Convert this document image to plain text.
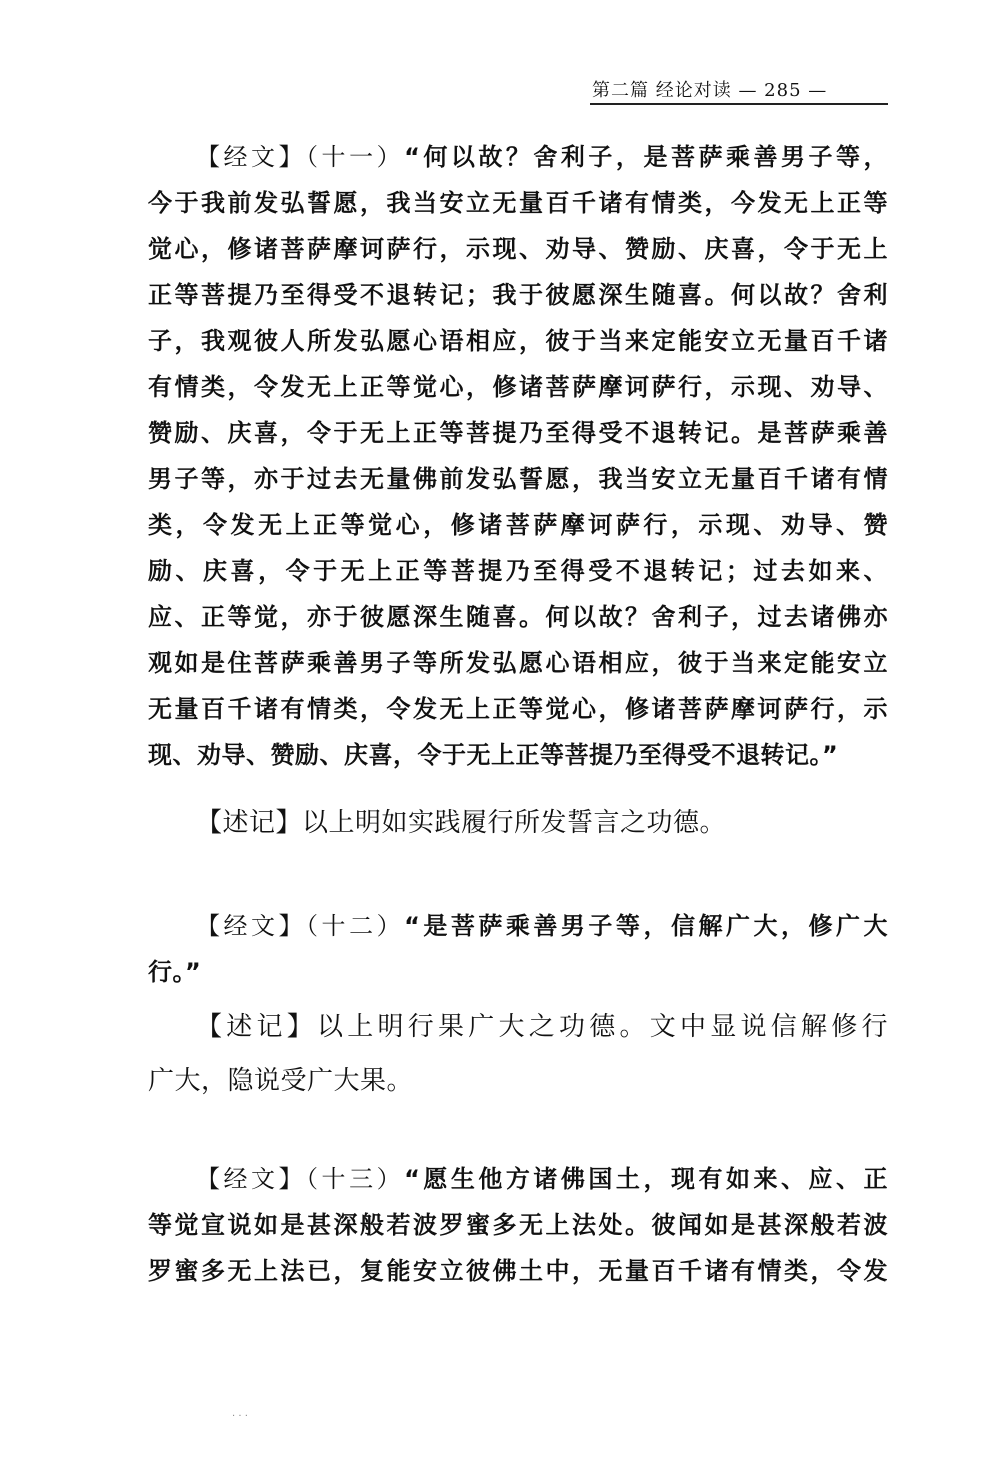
第二篇 经论对读 — 285 —
【经文】（十一）“何以故？舍利子，是菩萨乘善男子等，
今于我前发弘誓愿，我当安立无量百千诸有情类，今发无上正等
觉心，修诸菩萨摩诃萨行，示现、劝导、赞励、庆喜，令于无上
正等菩提乃至得受不退转记；我于彼愿深生随喜。何以故？舍利
子，我观彼人所发弘愿心语相应，彼于当来定能安立无量百千诸
有情类，令发无上正等觉心，修诸菩萨摩诃萨行，示现、劝导、
赞励、庆喜，令于无上正等菩提乃至得受不退转记。是菩萨乘善
男子等，亦于过去无量佛前发弘誓愿，我当安立无量百千诸有情
类，令发无上正等觉心，修诸菩萨摩诃萨行，示现、劝导、赞
励、庆喜，令于无上正等菩提乃至得受不退转记；过去如来、
应、正等觉，亦于彼愿深生随喜。何以故？舍利子，过去诸佛亦
观如是住菩萨乘善男子等所发弘愿心语相应，彼于当来定能安立
无量百千诸有情类，令发无上正等觉心，修诸菩萨摩诃萨行，示
现、劝导、赞励、庆喜，令于无上正等菩提乃至得受不退转记。”
【述记】以上明如实践履行所发誓言之功德。
【经文】（十二）“是菩萨乘善男子等，信解广大，修广大
行。”
【述记】以上明行果广大之功德。文中显说信解修行
广大，隐说受广大果。
【经文】（十三）“愿生他方诸佛国土，现有如来、应、正
等觉宣说如是甚深般若波罗蜜多无上法处。彼闻如是甚深般若波
罗蜜多无上法已，复能安立彼佛土中，无量百千诸有情类，令发
· · ·
